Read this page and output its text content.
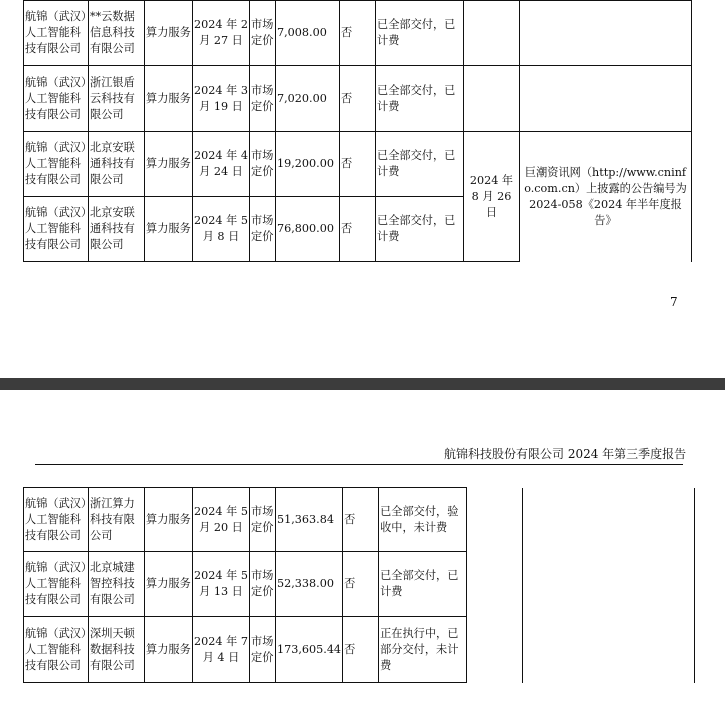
航锦（武汉）人工智能科技有限公司	**云数据信息科技有限公司	算力服务	2024 年 2 月 27 日	市场定价	7,008.00	否	已全部交付，已计费		
航锦（武汉）人工智能科技有限公司	浙江银盾云科技有限公司	算力服务	2024 年 3 月 19 日	市场定价	7,020.00	否	已全部交付，已计费		
航锦（武汉）人工智能科技有限公司	北京安联通科技有限公司	算力服务	2024 年 4 月 24 日	市场定价	19,200.00	否	已全部交付，已计费	2024 年 8 月 26 日	巨潮资讯网（http://www.cninfo.com.cn）上披露的公告编号为 2024-058《2024 年半年度报告》
航锦（武汉）人工智能科技有限公司	北京安联通科技有限公司	算力服务	2024 年 5 月 8 日	市场定价	76,800.00	否	已全部交付，已计费		
7
航锦科技股份有限公司 2024 年第三季度报告
航锦（武汉）人工智能科技有限公司	浙江算力科技有限公司	算力服务	2024 年 5 月 20 日	市场定价	51,363.84	否	已全部交付，验收中，未计费		
航锦（武汉）人工智能科技有限公司	北京城建智控科技有限公司	算力服务	2024 年 5 月 13 日	市场定价	52,338.00	否	已全部交付，已计费		
航锦（武汉）人工智能科技有限公司	深圳天顿数据科技有限公司	算力服务	2024 年 7 月 4 日	市场定价	173,605.44	否	正在执行中，已部分交付，未计费		
